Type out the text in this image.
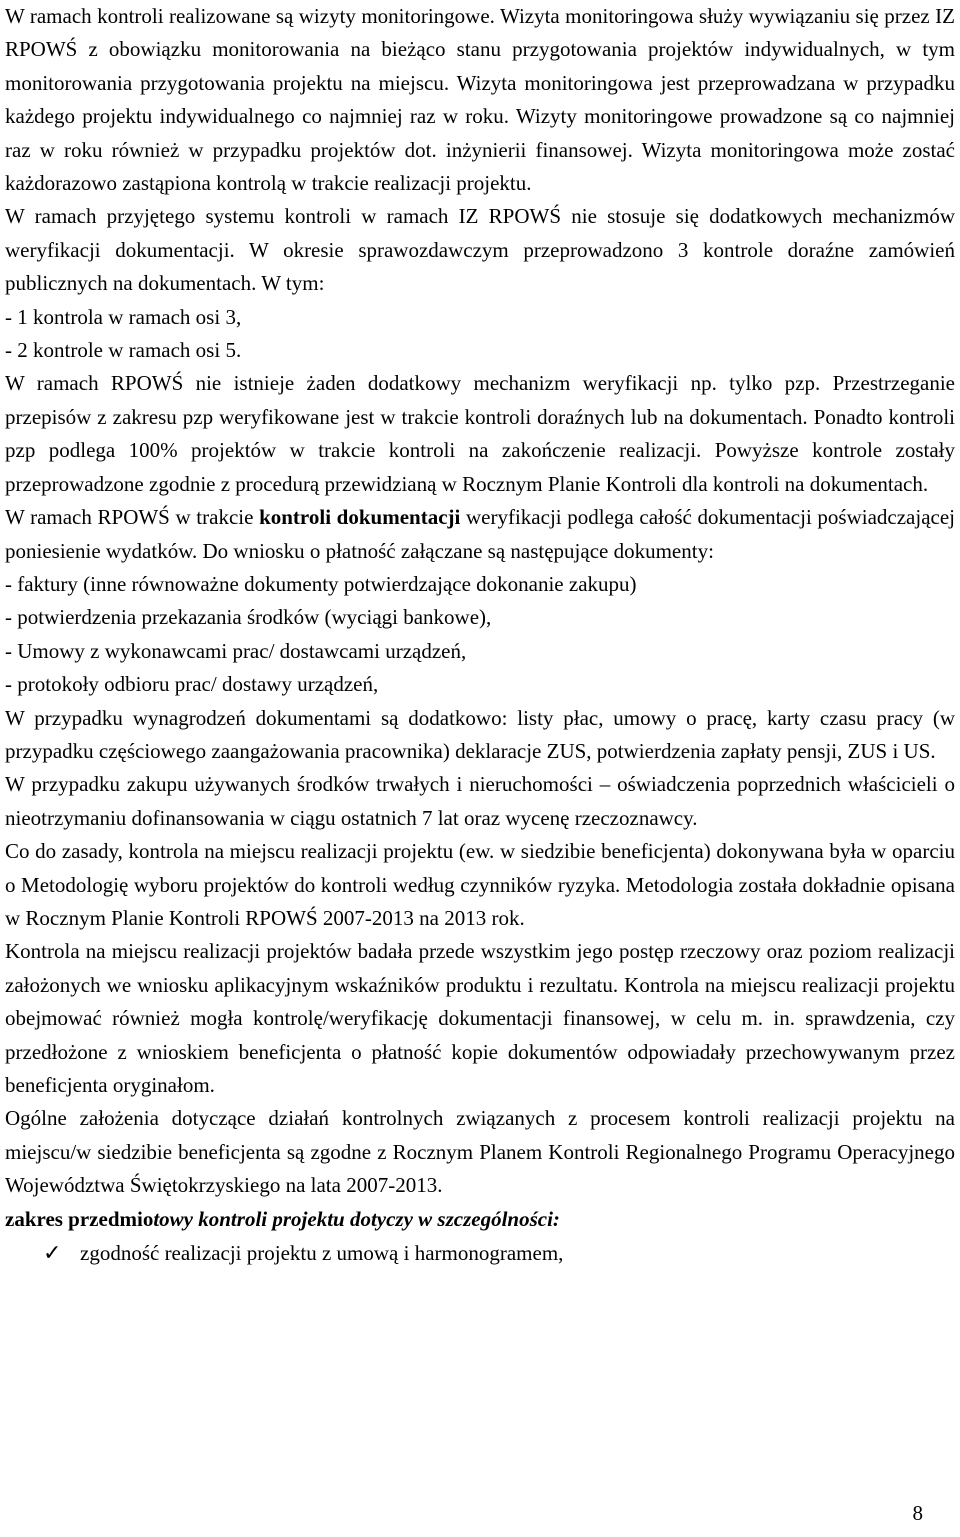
W ramach kontroli realizowane są wizyty monitoringowe. Wizyta monitoringowa służy wywiązaniu się przez IZ RPOWŚ z obowiązku monitorowania na bieżąco stanu przygotowania projektów indywidualnych, w tym monitorowania przygotowania projektu na miejscu. Wizyta monitoringowa jest przeprowadzana w przypadku każdego projektu indywidualnego co najmniej raz w roku. Wizyty monitoringowe prowadzone są co najmniej raz w roku również w przypadku projektów dot. inżynierii finansowej. Wizyta monitoringowa może zostać każdorazowo zastąpiona kontrolą w trakcie realizacji projektu.

W ramach przyjętego systemu kontroli w ramach IZ RPOWŚ nie stosuje się dodatkowych mechanizmów weryfikacji dokumentacji. W okresie sprawozdawczym przeprowadzono 3 kontrole doraźne zamówień publicznych na dokumentach. W tym:

- 1 kontrola w ramach osi 3,

- 2 kontrole w ramach osi 5.

W ramach RPOWŚ nie istnieje żaden dodatkowy mechanizm weryfikacji np. tylko pzp. Przestrzeganie przepisów z zakresu pzp weryfikowane jest w trakcie kontroli doraźnych lub na dokumentach. Ponadto kontroli pzp podlega 100% projektów w trakcie kontroli na zakończenie realizacji. Powyższe kontrole zostały przeprowadzone zgodnie z procedurą przewidzianą w Rocznym Planie Kontroli dla kontroli na dokumentach.

W ramach RPOWŚ w trakcie kontroli dokumentacji weryfikacji podlega całość dokumentacji poświadczającej poniesienie wydatków. Do wniosku o płatność załączane są następujące dokumenty:

- faktury (inne równoważne dokumenty potwierdzające dokonanie zakupu)

- potwierdzenia przekazania środków (wyciągi bankowe),

- Umowy z wykonawcami prac/ dostawcami urządzeń,

- protokoły odbioru prac/ dostawy urządzeń,

W przypadku wynagrodzeń dokumentami są dodatkowo: listy płac, umowy o pracę, karty czasu pracy (w przypadku częściowego zaangażowania pracownika) deklaracje ZUS, potwierdzenia zapłaty pensji, ZUS i US.

W przypadku zakupu używanych środków trwałych i nieruchomości – oświadczenia poprzednich właścicieli o nieotrzymaniu dofinansowania w ciągu ostatnich 7 lat oraz wycenę rzeczoznawcy.

Co do zasady, kontrola na miejscu realizacji projektu (ew. w siedzibie beneficjenta) dokonywana była w oparciu o Metodologię wyboru projektów do kontroli według czynników ryzyka. Metodologia została dokładnie opisana w Rocznym Planie Kontroli RPOWŚ 2007-2013 na 2013 rok.

Kontrola na miejscu realizacji projektów badała przede wszystkim jego postęp rzeczowy oraz poziom realizacji założonych we wniosku aplikacyjnym wskaźników produktu i rezultatu. Kontrola na miejscu realizacji projektu obejmować również mogła kontrolę/weryfikację dokumentacji finansowej, w celu m. in. sprawdzenia, czy przedłożone z wnioskiem beneficjenta o płatność kopie dokumentów odpowiadały przechowywanym przez beneficjenta oryginałom.

Ogólne założenia dotyczące działań kontrolnych związanych z procesem kontroli realizacji projektu na miejscu/w siedzibie beneficjenta są zgodne z Rocznym Planem Kontroli Regionalnego Programu Operacyjnego Województwa Świętokrzyskiego na lata 2007-2013.

zakres przedmiotowy kontroli projektu dotyczy w szczególności:

✓ zgodność realizacji projektu z umową i harmonogramem,

8
